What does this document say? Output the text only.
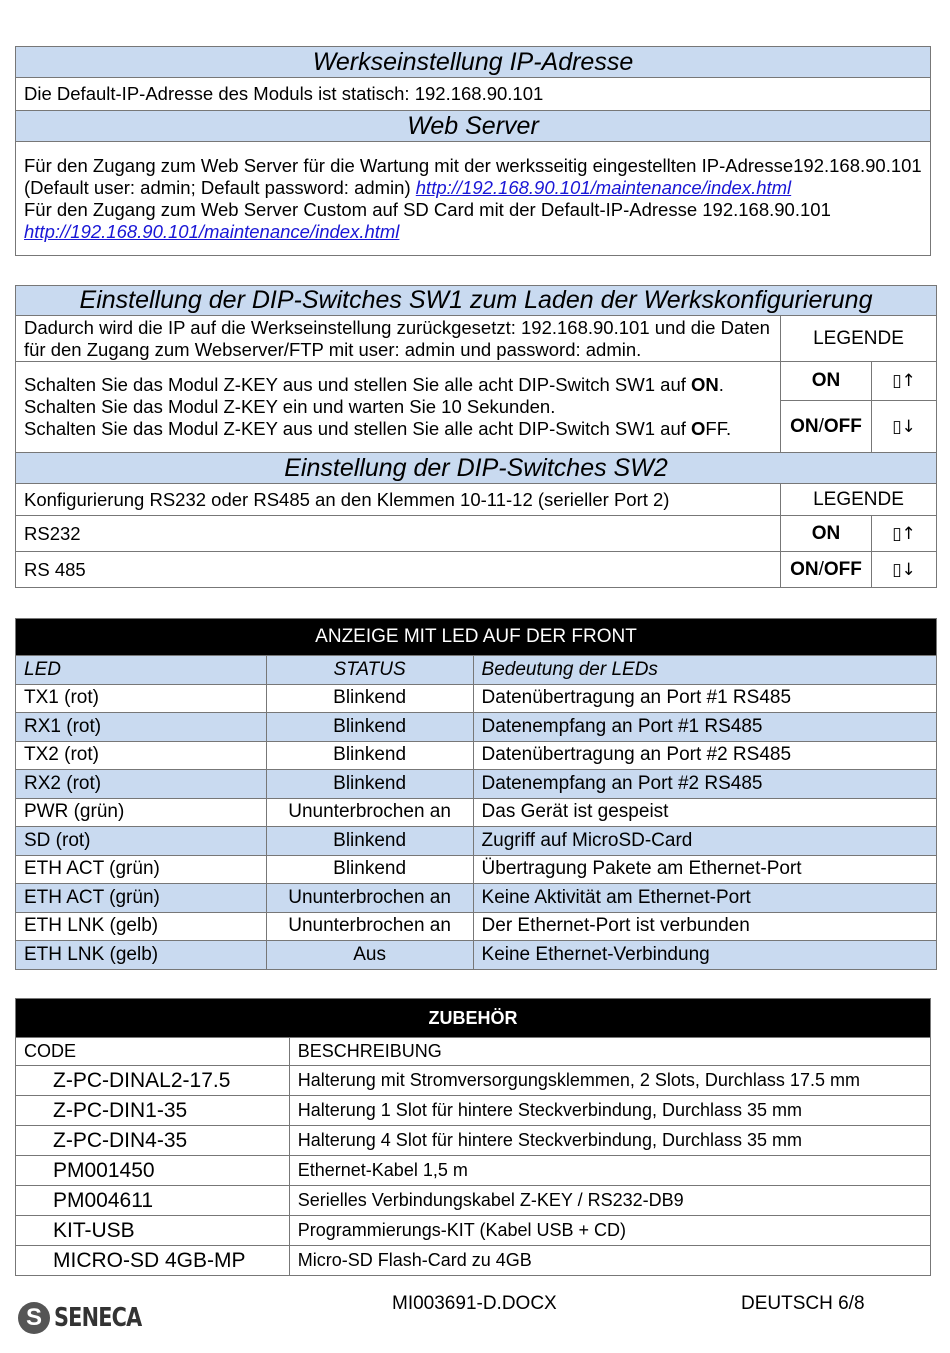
Werkseinstellung IP-Adresse
Die Default-IP-Adresse des Moduls ist statisch: 192.168.90.101
Web Server

Für den Zugang zum Web Server für die Wartung mit der werksseitig eingestellten IP-Adresse192.168.90.101
(Default user: admin; Default password: admin) http://192.168.90.101/maintenance/index.html
Für den Zugang zum Web Server Custom auf SD Card mit der Default-IP-Adresse 192.168.90.101
http://192.168.90.101/maintenance/index.html
Einstellung der DIP-Switches SW1 zum Laden der Werkskonfigurierung		
Dadurch wird die IP auf die Werkseinstellung zurückgesetzt: 192.168.90.101 und die Daten für den Zugang zum Webserver/FTP mit user: admin und password: admin.	LEGENDE	

Schalten Sie das Modul Z-KEY aus und stellen Sie alle acht DIP-Switch SW1 auf ON.
Schalten Sie das Modul Z-KEY ein und warten Sie 10 Sekunden.
Schalten Sie das Modul Z-KEY aus und stellen Sie alle acht DIP-Switch SW1 auf OFF.	ON	▯↑
	ON/OFF	▯↓
Einstellung der DIP-Switches SW2		
Konfigurierung RS232 oder RS485 an den Klemmen 10-11-12 (serieller Port 2)	LEGENDE	
RS232	ON	▯↑
RS 485	ON/OFF	▯↓
ANZEIGE MIT LED AUF DER FRONT		
LED	STATUS	Bedeutung der LEDs
TX1 (rot)	Blinkend	Datenübertragung an Port #1 RS485
RX1 (rot)	Blinkend	Datenempfang an Port #1 RS485
TX2 (rot)	Blinkend	Datenübertragung an Port #2 RS485
RX2 (rot)	Blinkend	Datenempfang an Port #2 RS485
PWR (grün)	Ununterbrochen an	Das Gerät ist gespeist
SD (rot)	Blinkend	Zugriff auf MicroSD-Card
ETH ACT (grün)	Blinkend	Übertragung Pakete am Ethernet-Port
ETH ACT (grün)	Ununterbrochen an	Keine Aktivität am Ethernet-Port
ETH LNK (gelb)	Ununterbrochen an	Der Ethernet-Port ist verbunden
ETH LNK (gelb)	Aus	Keine Ethernet-Verbindung
ZUBEHÖR	
CODE	BESCHREIBUNG
Z-PC-DINAL2-17.5	Halterung mit Stromversorgungsklemmen, 2 Slots, Durchlass 17.5 mm
Z-PC-DIN1-35	Halterung 1 Slot für hintere Steckverbindung, Durchlass 35 mm
Z-PC-DIN4-35	Halterung 4 Slot für hintere Steckverbindung, Durchlass 35 mm
PM001450	Ethernet-Kabel 1,5 m
PM004611	Serielles Verbindungskabel Z-KEY / RS232-DB9
KIT-USB	Programmierungs-KIT (Kabel USB + CD)
MICRO-SD 4GB-MP	Micro-SD Flash-Card zu 4GB
S SENECA	MI003691-D.DOCX	DEUTSCH 6/8
